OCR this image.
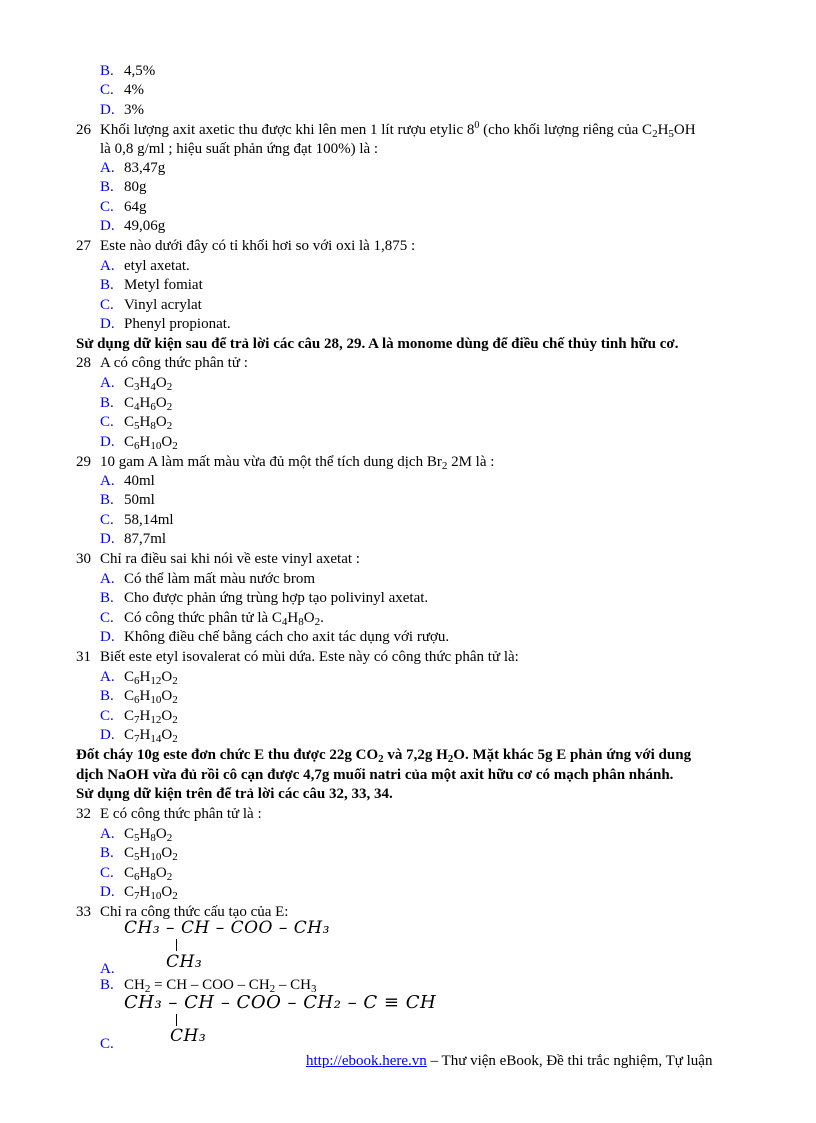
B. 4,5%
C. 4%
D. 3%
26 Khối lượng axit axetic thu được khi lên men 1 lít rượu etylic $8^0$ (cho khối lượng riêng của $C_2H_5OH$
là 0,8 g/ml ; hiệu suất phản ứng đạt 100%) là :
A. 83,47g
B. 80g
C. 64g
D. 49,06g
27 Este nào dưới đây có tỉ khối hơi so với oxi là 1,875 :
A. etyl axetat.
B. Metyl fomiat
C. Vinyl acrylat
D. Phenyl propionat.
Sử dụng dữ kiện sau để trả lời các câu 28, 29. A là monome dùng để điều chế thủy tinh hữu cơ.
28 A có công thức phân tử :
A. $C_3H_4O_2$
B. $C_4H_6O_2$
C. $C_5H_8O_2$
D. $C_6H_{10}O_2$
29 10 gam A làm mất màu vừa đủ một thể tích dung dịch $Br_2$ 2M là :
A. 40ml
B. 50ml
C. 58,14ml
D. 87,7ml
30 Chỉ ra điều sai khi nói về este vinyl axetat :
A. Có thể làm mất màu nước brom
B. Cho được phản ứng trùng hợp tạo polivinyl axetat.
C. Có công thức phân tử là $C_4H_8O_2$.
D. Không điều chế bằng cách cho axit tác dụng với rượu.
31 Biết este etyl isovalerat có mùi dứa. Este này có công thức phân tử là:
A. $C_6H_{12}O_2$
B. $C_6H_{10}O_2$
C. $C_7H_{12}O_2$
D. $C_7H_{14}O_2$
Đốt cháy 10g este đơn chức E thu được 22g $CO_2$ và 7,2g $H_2O$. Mặt khác 5g E phản ứng với dung
dịch NaOH vừa đủ rồi cô cạn được 4,7g muối natri của một axit hữu cơ có mạch phân nhánh.
Sử dụng dữ kiện trên để trả lời các câu 32, 33, 34.
32 E có công thức phân tử là :
A. $C_5H_8O_2$
B. $C_5H_{10}O_2$
C. $C_6H_8O_2$
D. $C_7H_{10}O_2$
33 Chỉ ra công thức cấu tạo của E:
CH₃ – CH – COO – CH₃
CH₃
A.
B. $CH_2$ = CH – COO – $CH_2 - CH_3$
CH₃ – CH – COO – CH₂ – C ≡ CH
CH₃
C.
http://ebook.here.vn – Thư viện eBook, Đề thi trắc nghiệm, Tự luận
